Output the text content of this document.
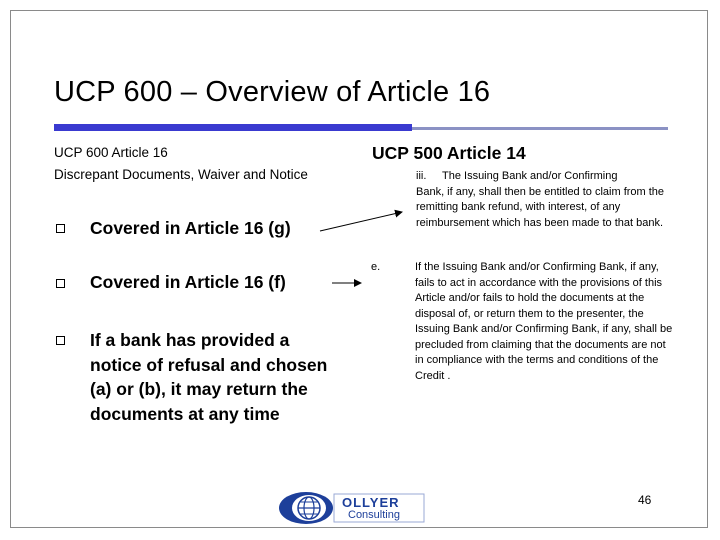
UCP 600 – Overview of Article 16
UCP 600 Article 16
Discrepant Documents, Waiver and Notice
Covered in Article 16 (g)
Covered in Article 16 (f)
If a bank has provided a notice of refusal and chosen (a) or (b), it may return the documents at any time
UCP 500 Article 14
iii. The Issuing Bank and/or Confirming
Bank, if any, shall then be entitled to claim from the remitting bank refund, with interest, of any reimbursement which has been made to that bank.
e.	If the Issuing Bank and/or Confirming Bank, if any, fails to act in accordance with the provisions of this Article and/or fails to hold the documents at the disposal of, or return them to the presenter, the Issuing Bank and/or Confirming Bank, if any, shall be precluded from claiming that the documents are not in compliance with the terms and conditions of the Credit .
OLLYER
Consulting
46
